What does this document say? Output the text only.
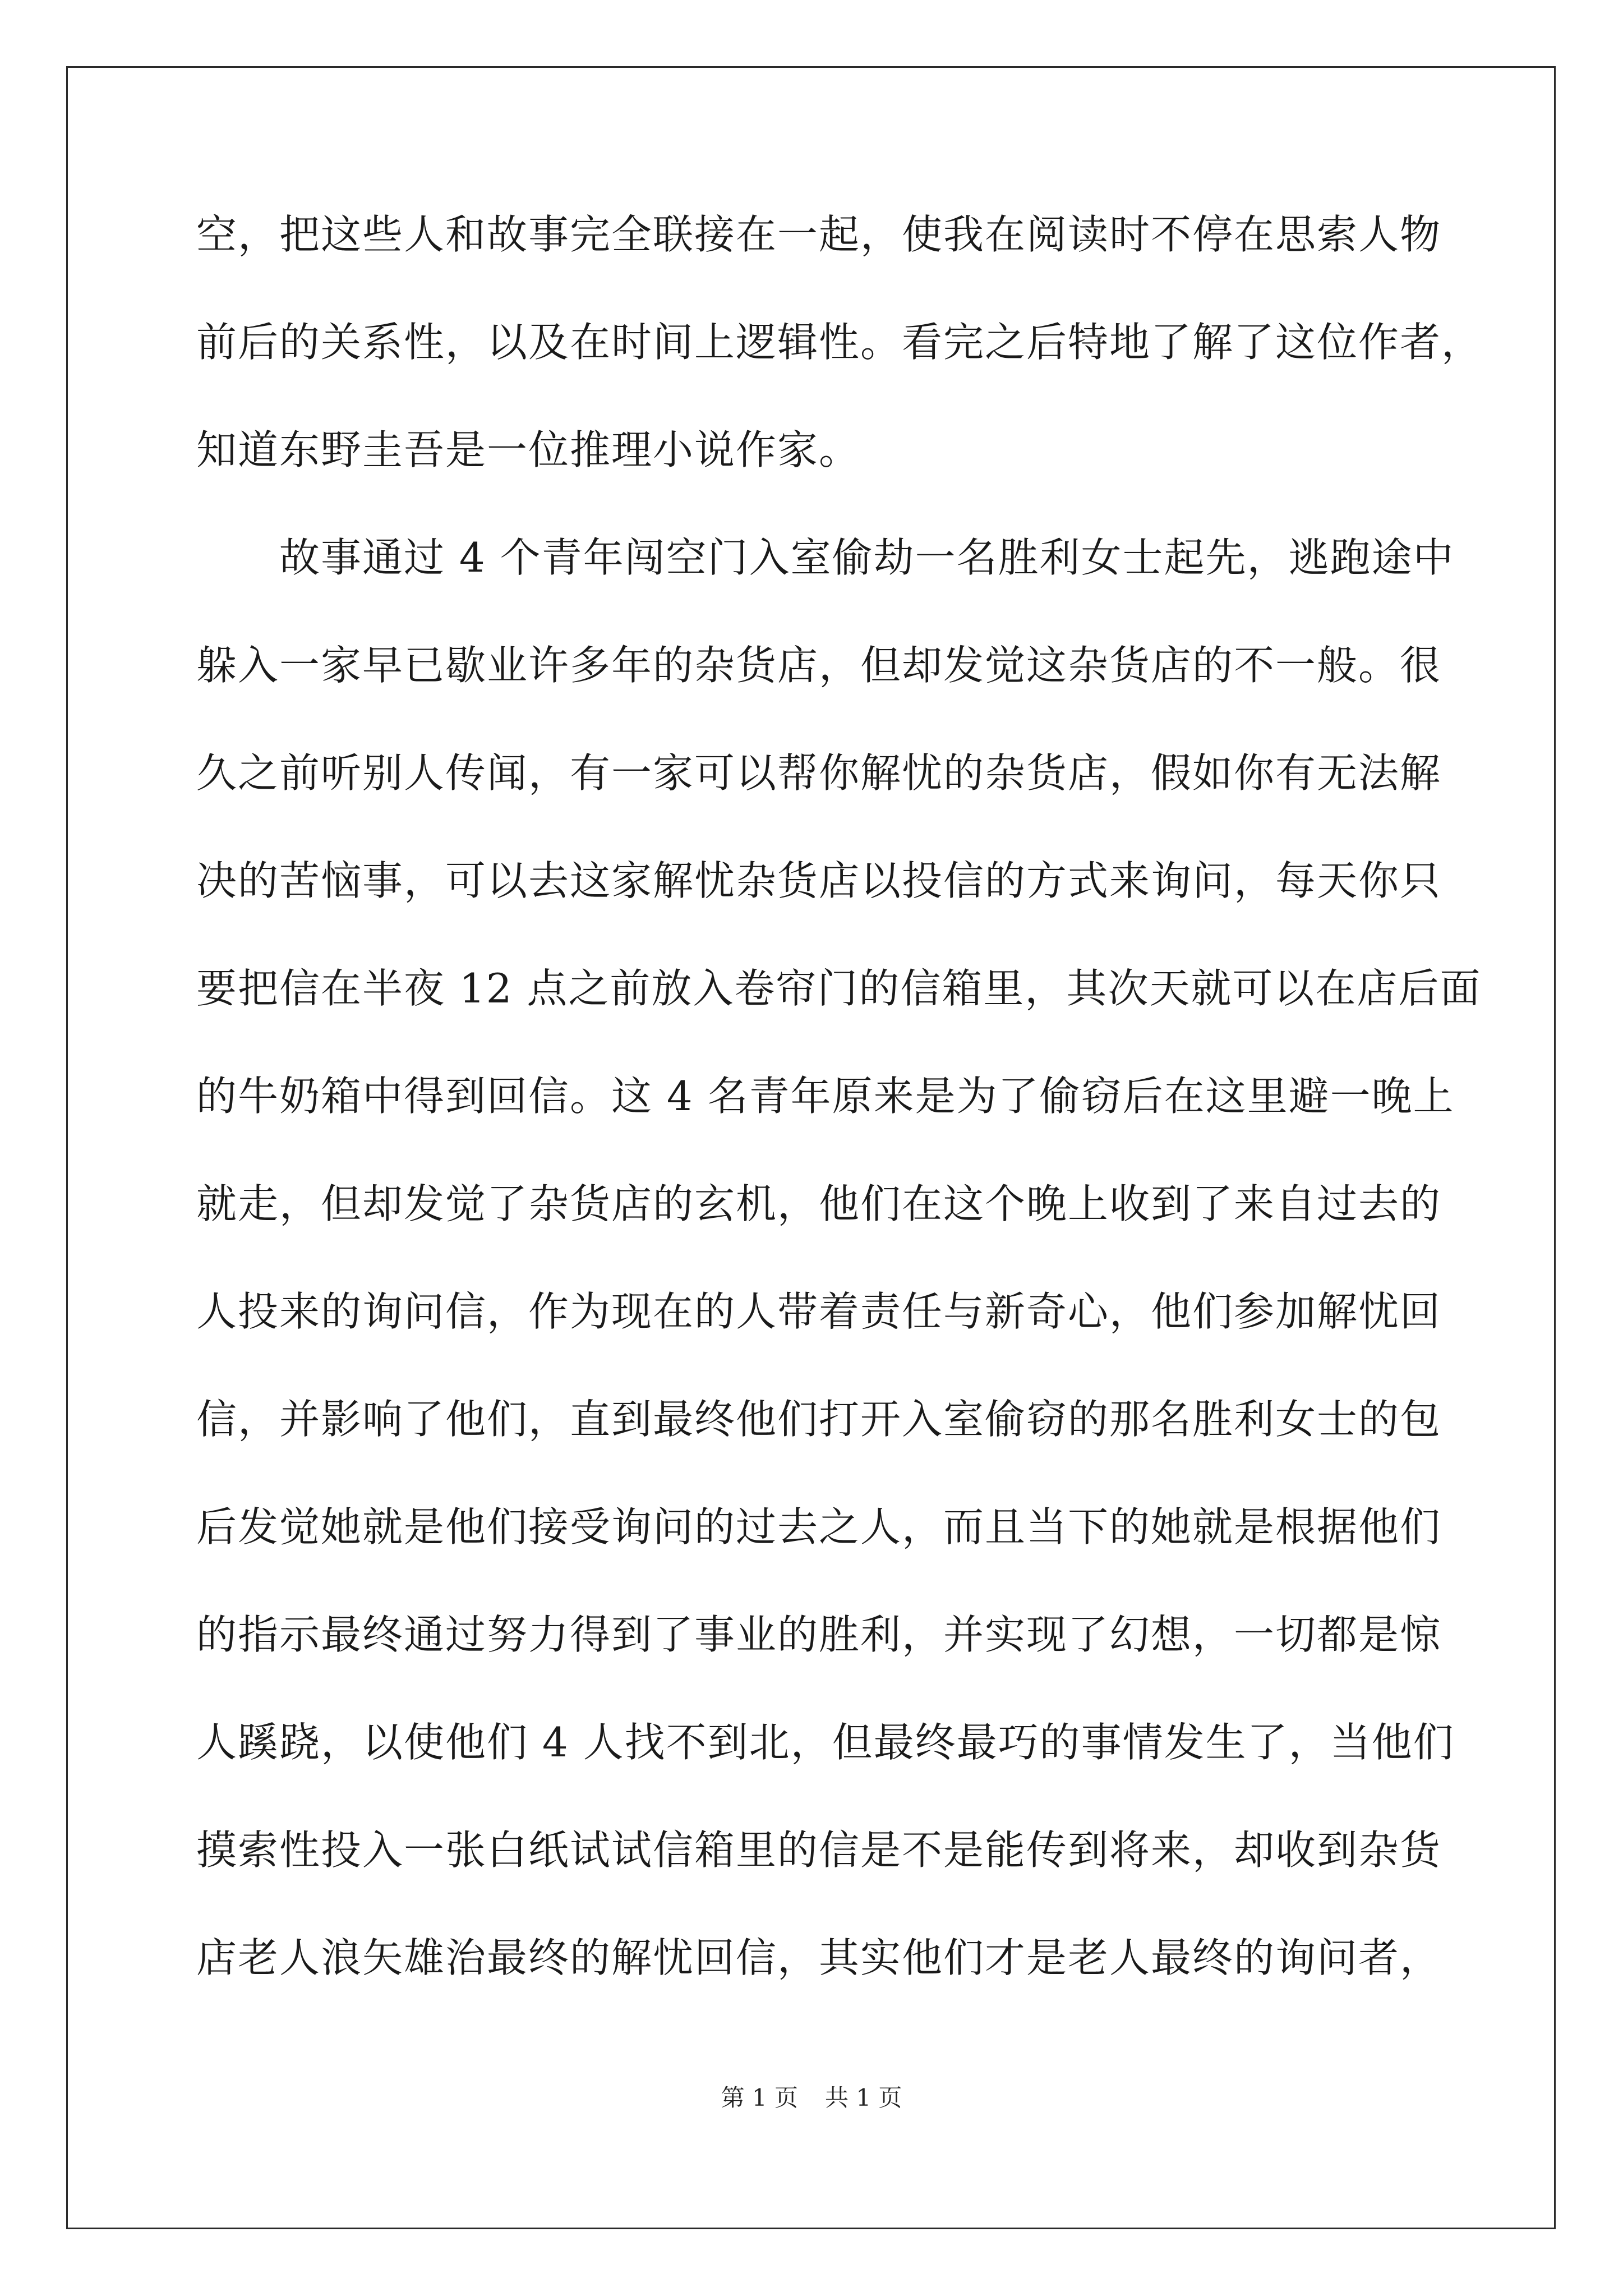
空，把这些人和故事完全联接在一起，使我在阅读时不停在思索人物
前后的关系性，以及在时间上逻辑性。看完之后特地了解了这位作者，
知道东野圭吾是一位推理小说作家。
　　故事通过 4 个青年闯空门入室偷劫一名胜利女士起先，逃跑途中
躲入一家早已歇业许多年的杂货店，但却发觉这杂货店的不一般。很
久之前听别人传闻，有一家可以帮你解忧的杂货店，假如你有无法解
决的苦恼事，可以去这家解忧杂货店以投信的方式来询问，每天你只
要把信在半夜 12 点之前放入卷帘门的信箱里，其次天就可以在店后面
的牛奶箱中得到回信。这 4 名青年原来是为了偷窃后在这里避一晚上
就走，但却发觉了杂货店的玄机，他们在这个晚上收到了来自过去的
人投来的询问信，作为现在的人带着责任与新奇心，他们参加解忧回
信，并影响了他们，直到最终他们打开入室偷窃的那名胜利女士的包
后发觉她就是他们接受询问的过去之人，而且当下的她就是根据他们
的指示最终通过努力得到了事业的胜利，并实现了幻想，一切都是惊
人蹊跷，以使他们 4 人找不到北，但最终最巧的事情发生了，当他们
摸索性投入一张白纸试试信箱里的信是不是能传到将来，却收到杂货
店老人浪矢雄治最终的解忧回信，其实他们才是老人最终的询问者，
第 1 页 共 1 页
